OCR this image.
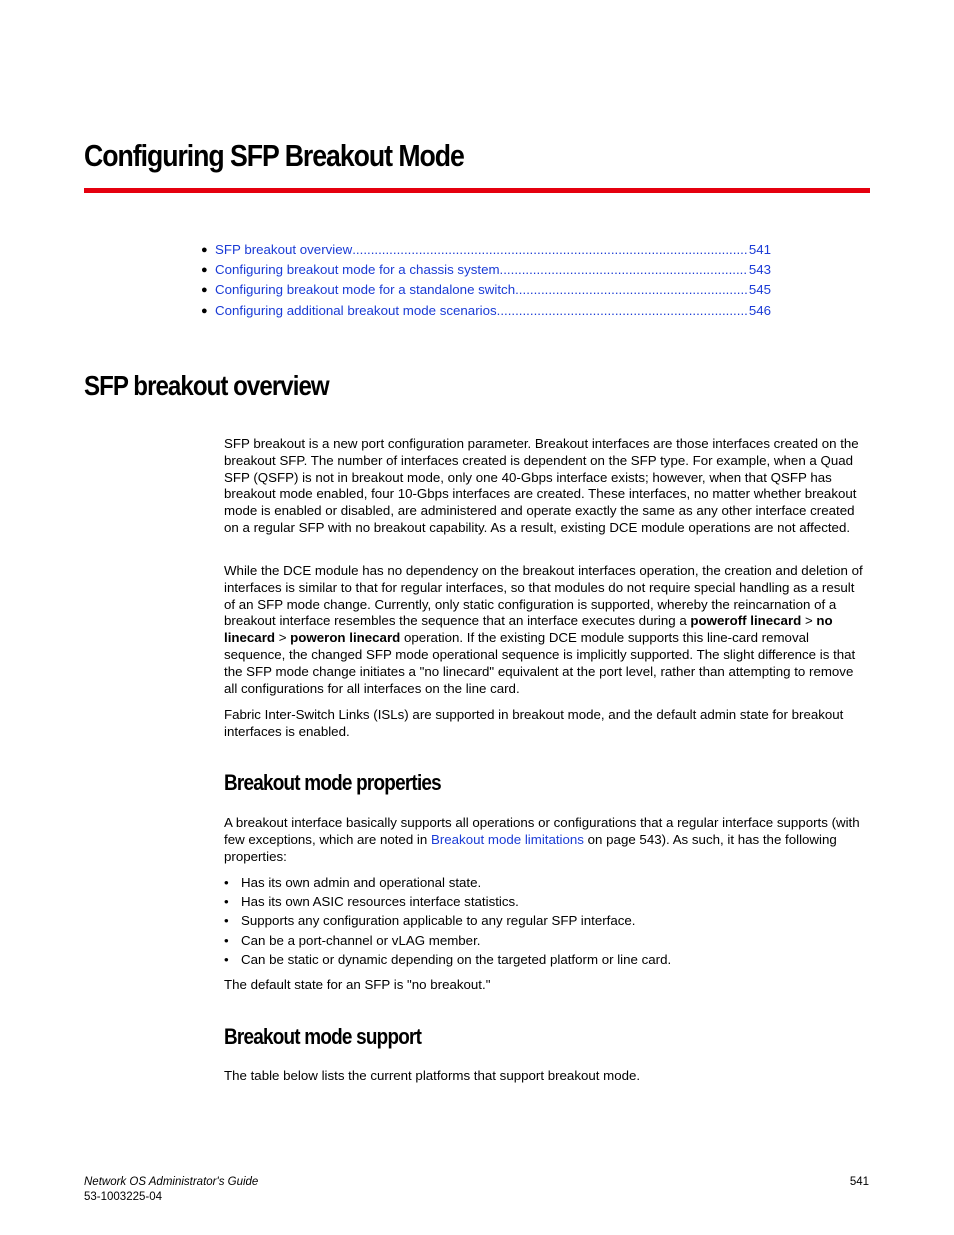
Configuring SFP Breakout Mode
● SFP breakout overview .....	541
● Configuring breakout mode for a chassis system .....	543
● Configuring breakout mode for a standalone switch .....	545
● Configuring additional breakout mode scenarios .....	546
SFP breakout overview

SFP breakout is a new port configuration parameter. Breakout interfaces are those interfaces created on the breakout SFP. The number of interfaces created is dependent on the SFP type. For example, when a Quad SFP (QSFP) is not in breakout mode, only one 40-Gbps interface exists; however, when that QSFP has breakout mode enabled, four 10-Gbps interfaces are created. These interfaces, no matter whether breakout mode is enabled or disabled, are administered and operate exactly the same as any other interface created on a regular SFP with no breakout capability. As a result, existing DCE module operations are not affected.

While the DCE module has no dependency on the breakout interfaces operation, the creation and deletion of interfaces is similar to that for regular interfaces, so that modules do not require special handling as a result of an SFP mode change. Currently, only static configuration is supported, whereby the reincarnation of a breakout interface resembles the sequence that an interface executes during a poweroff linecard > no linecard > poweron linecard operation. If the existing DCE module supports this line-card removal sequence, the changed SFP mode operational sequence is implicitly supported. The slight difference is that the SFP mode change initiates a "no linecard" equivalent at the port level, rather than attempting to remove all configurations for all interfaces on the line card.

Fabric Inter-Switch Links (ISLs) are supported in breakout mode, and the default admin state for breakout interfaces is enabled.

Breakout mode properties

A breakout interface basically supports all operations or configurations that a regular interface supports (with few exceptions, which are noted in Breakout mode limitations on page 543). As such, it has the following properties:

• Has its own admin and operational state.
• Has its own ASIC resources interface statistics.
• Supports any configuration applicable to any regular SFP interface.
• Can be a port-channel or vLAG member.
• Can be static or dynamic depending on the targeted platform or line card.

The default state for an SFP is "no breakout."

Breakout mode support

The table below lists the current platforms that support breakout mode.

Network OS Administrator's Guide
53-1003225-04
541
